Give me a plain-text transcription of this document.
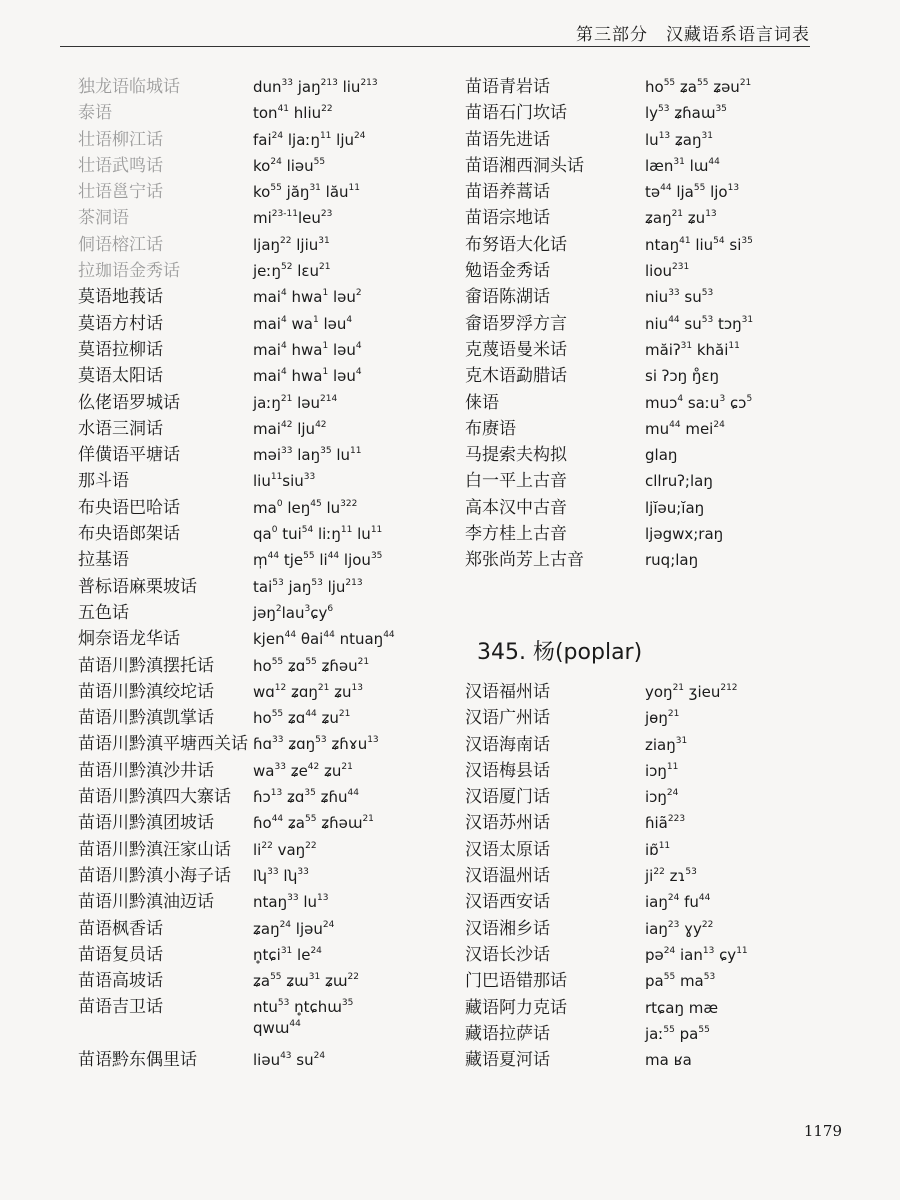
第三部分　汉藏语系语言词表
独龙语临城话	dun$^{33}$ jaŋ$^{213}$ liu$^{213}$
泰语	ton$^{41}$ hliu$^{22}$
壮语柳江话	fai$^{24}$ ljaːŋ$^{11}$ lju$^{24}$
壮语武鸣话	$ko^{24}$ liəu$^{55}$
壮语邕宁话	$ko^{55}$ jăŋ$^{31}$ lău$^{11}$
茶洞语	$mi^{23-11}leu^{23}$
侗语榕江话	ljaŋ$^{22}$ ljiu$^{31}$
拉珈语金秀话	jeːŋ$^{52}$ lɛu$^{21}$
莫语地莪话	mai$^4$ hwa$^1$ ləu$^2$
莫语方村话	mai$^4$ $wa^1$ ləu$^4$
莫语拉柳话	mai$^4$ hwa$^1$ ləu$^4$
莫语太阳话	mai$^4$ hwa$^1$ ləu$^4$
仫佬语罗城话	jaːŋ$^{21}$ ləu$^{214}$
水语三洞话	mai$^{42}$ lju$^{42}$
佯僙语平塘话	məi$^{33}$ laŋ$^{35}$ $lu^{11}$
那斗语	liu$^{11}$siu$^{33}$
布央语巴哈话	$ma^0$ leŋ$^{45}$ $lu^{322}$
布央语郎架话	$qa^0$ tui$^{54}$ liːŋ$^{11}$ $lu^{11}$
拉基语	m̩$^{44}$ tje$^{55}$ $li^{44}$ ljou$^{35}$
普标语麻栗坡话	tai$^{53}$ jaŋ$^{53}$ lju$^{213}$
五色话	jəŋ$^2$lau$^3$ɕy$^6$
炯奈语龙华话	kjen$^{44}$ θai$^{44}$ ntuaŋ$^{44}$
苗语川黔滇摆托话	$ho^{55}$ ʑɑ$^{55}$ ʑɦəu$^{21}$
苗语川黔滇绞坨话	wɑ$^{12}$ ʑɑŋ$^{21}$ ʑu$^{13}$
苗语川黔滇凯掌话	$ho^{55}$ ʑɑ$^{44}$ ʑu$^{21}$
苗语川黔滇平塘西关话 ɦɑ$^{33}$ ʑɑŋ$^{53}$ ʑɦɤu$^{13}$
苗语川黔滇沙井话	$wa^{33}$ ʑe$^{42}$ ʑu$^{21}$
苗语川黔滇四大寨话	ɦɔ$^{13}$ ʑɑ$^{35}$ ʑɦu$^{44}$
苗语川黔滇团坡话	ɦo$^{44}$ ʑa$^{55}$ ʑɦəɯ$^{21}$
苗语川黔滇汪家山话	$li^{22}$ vaŋ$^{22}$
苗语川黔滇小海子话	lʮ$^{33}$ lʮ$^{33}$
苗语川黔滇油迈话	ntaŋ$^{33}$ $lu^{13}$
苗语枫香话	ʑaŋ$^{24}$ ljəu$^{24}$
苗语复员话	n̥tɕi$^{31}$ $le^{24}$
苗语高坡话	ʑa$^{55}$ ʑɯ$^{31}$ ʑɯ$^{22}$
苗语吉卫话	ntu$^{53}$ n̥tɕhɯ$^{35}$
qwɯ$^{44}$
苗语黔东偶里话	liəu$^{43}$ $su^{24}$
苗语青岩话	$ho^{55}$ ʑa$^{55}$ ʑəu$^{21}$
苗语石门坎话	$ly^{53}$ ʑɦaɯ$^{35}$
苗语先进话	$lu^{13}$ ʑaŋ$^{31}$
苗语湘西洞头话	læn$^{31}$ lɯ$^{44}$
苗语养蒿话	tə$^{44}$ lja$^{55}$ ljo$^{13}$
苗语宗地话	ʑaŋ$^{21}$ ʑu$^{13}$
布努语大化话	ntaŋ$^{41}$ liu$^{54}$ $si^{35}$
勉语金秀话	liou$^{231}$
畲语陈湖话	niu$^{33}$ $su^{53}$
畲语罗浮方言	niu$^{44}$ $su^{53}$ tɔŋ$^{31}$
克蔑语曼米话	măiʔ$^{31}$ khăi$^{11}$
克木语勐腊话	si ʔɔŋ ŋ̊ɛŋ
俫语	muɔ$^4$ saːu$^3$ ɕɔ$^5$
布赓语	$mu^{44}$ mei$^{24}$
马提索夫构拟	glaŋ
白一平上古音	cllruʔ;laŋ
高本汉中古音	ljĭəu;ĭaŋ
李方桂上古音	ljəgwx;raŋ
郑张尚芳上古音	ruq;laŋ
345. 杨(poplar)
汉语福州话	yoŋ$^{21}$ ʒieu$^{212}$
汉语广州话	jɵŋ$^{21}$
汉语海南话	ziaŋ$^{31}$
汉语梅县话	iɔŋ$^{11}$
汉语厦门话	iɔŋ$^{24}$
汉语苏州话	ɦiã$^{223}$
汉语太原话	iɒ̃$^{11}$
汉语温州话	$ji^{22}$ zɿ$^{53}$
汉语西安话	iaŋ$^{24}$ $fu^{44}$
汉语湘乡话	iaŋ$^{23}$ ɣy$^{22}$
汉语长沙话	pə$^{24}$ ian$^{13}$ ɕy$^{11}$
门巴语错那话	$pa^{55}$ $ma^{53}$
藏语阿力克话	rtɕaŋ mæ
藏语拉萨话	jaː$^{55}$ $pa^{55}$
藏语夏河话	ma ʁa
1179
